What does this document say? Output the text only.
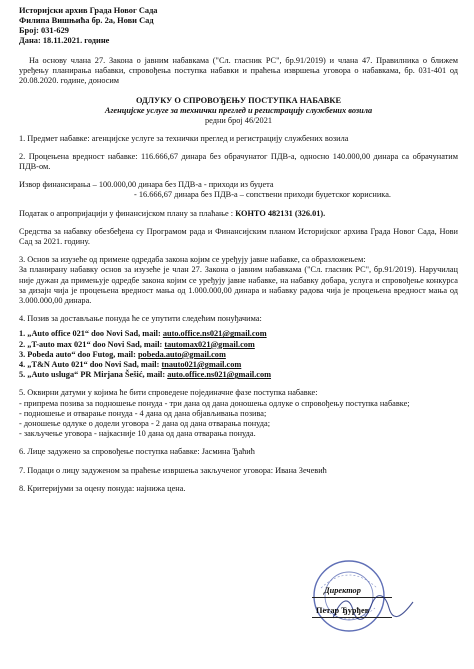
Историјски архив Града Новог Сада

Филипа Вишњића бр. 2а, Нови Сад

Број: 031-629

Дана: 18.11.2021. године

На основу члана 27. Закона о јавним набавкама ("Сл. гласник РС", бр.91/2019) и члана 47. Правилника о ближем уређењу планирања набавки, спровођења поступка набавки и праћења извршења уговора о набавкама, бр. 031-401 од 20.08.2020. године, доносим

ОДЛУКУ О СПРОВОЂЕЊУ ПОСТУПКА НАБАВКЕ

Агенцијске услуге за технички преглед и регистрацију службених возила

редни број 46/2021

1. Предмет набавке: агенцијске услуге за технички преглед и регистрацију службених возила

2. Процењена вредност набавке: 116.666,67 динара без обрачунатог ПДВ-а, односно 140.000,00 динара са обрачунатим ПДВ-ом.

Извор финансирања – 100.000,00 динара без ПДВ-а - приходи из буџета

- 16.666,67 динара без ПДВ-а – сопствени приходи буџетског корисника.

Податак о апропријацији у финансијском плану за плаћање : КОНТО 482131 (326.01).

Средства за набавку обезбеђена су Програмом рада и Финансијским планом Историјског архива Града Новог Сада, Нови Сад за 2021. годину.

3. Основ за изузеће од примене одредаба закона којим се уређују јавне набавке, са образложењем:

За планирану набавку основ за изузеће је члан 27. Закона о јавним набавкама ("Сл. гласник РС", бр.91/2019). Наручилац није дужан да примењује одредбе закона којим се уређују јавне набавке, на набавку добара, услуга и спровођење конкурса за дизајн чија је процењена вредност мања од 1.000.000,00 динара и набавку радова чија је процењена вредност мања од 3.000.000,00 динара.

4. Позив за достављање понуда ће се упутити следећим понуђачима:

1. „Auto office 021“ doo Novi Sad, mail: auto.office.ns021@gmail.com
2. „T-auto max 021“ doo Novi Sad, mail: tautomax021@gmail.com
3. Pobeda auto“ doo Futog, mail: pobeda.auto@gmail.com
4. „T&N Auto 021“ doo Novi Sad, mail: tnauto021@gmail.com
5. „Auto usluga“ PR Mirjana Šešić, mail: auto.office.ns021@gmail.com

5. Оквирни датуми у којима ће бити спроведене појединачне фазе поступка набавке:

- припрема позива за подношење понуда - три дана од дана доношења одлуке о спровођењу поступка набавке;

- подношење и отварање понуда - 4 дана од дана објављивања позива;

- доношење одлуке о додели уговора - 2 дана од дана отварања понуда;

- закључење уговора - најкасније 10 дана од дана отварања понуда.

6. Лице задужено за спровођење поступка набавке: Јасмина Ђаћић

7. Подаци о лицу задуженом за праћење извршења закљученог уговора: Ивана Зечевић

8. Критеријуми за оцену понуда: најнижа цена.

Директор

Петар Ђурђев
